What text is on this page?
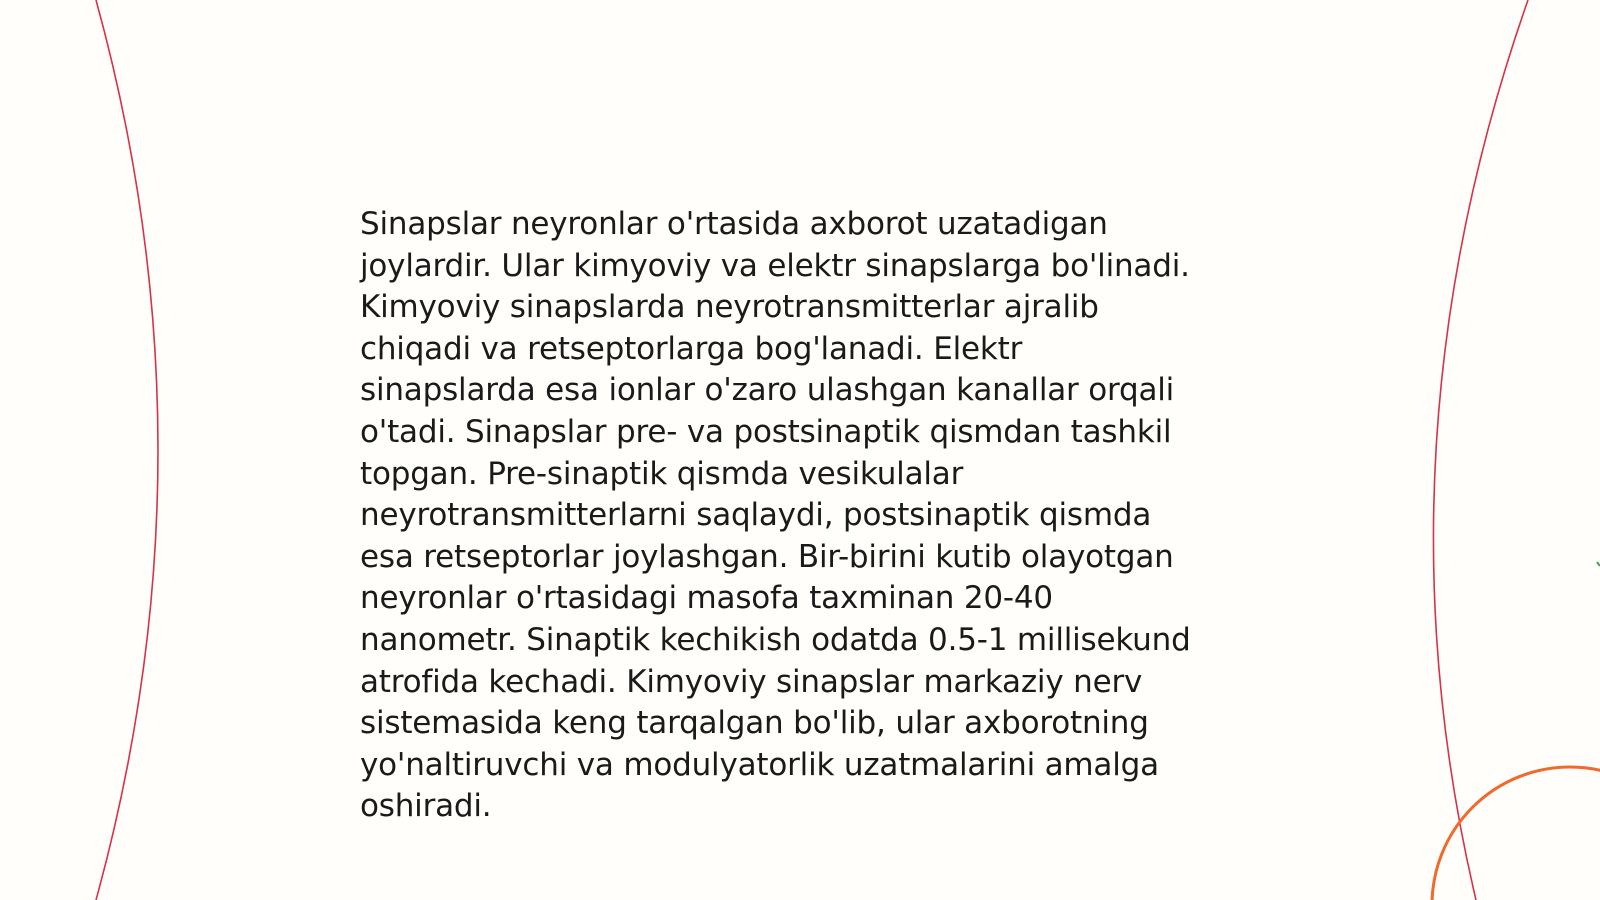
Sinapslar neyronlar o'rtasida axborot uzatadigan
joylardir. Ular kimyoviy va elektr sinapslarga bo'linadi.
Kimyoviy sinapslarda neyrotransmitterlar ajralib
chiqadi va retseptorlarga bog'lanadi. Elektr
sinapslarda esa ionlar o'zaro ulashgan kanallar orqali
o'tadi. Sinapslar pre- va postsinaptik qismdan tashkil
topgan. Pre-sinaptik qismda vesikulalar
neyrotransmitterlarni saqlaydi, postsinaptik qismda
esa retseptorlar joylashgan. Bir-birini kutib olayotgan
neyronlar o'rtasidagi masofa taxminan 20-40
nanometr. Sinaptik kechikish odatda 0.5-1 millisekund
atrofida kechadi. Kimyoviy sinapslar markaziy nerv
sistemasida keng tarqalgan bo'lib, ular axborotning
yo'naltiruvchi va modulyatorlik uzatmalarini amalga
oshiradi.
